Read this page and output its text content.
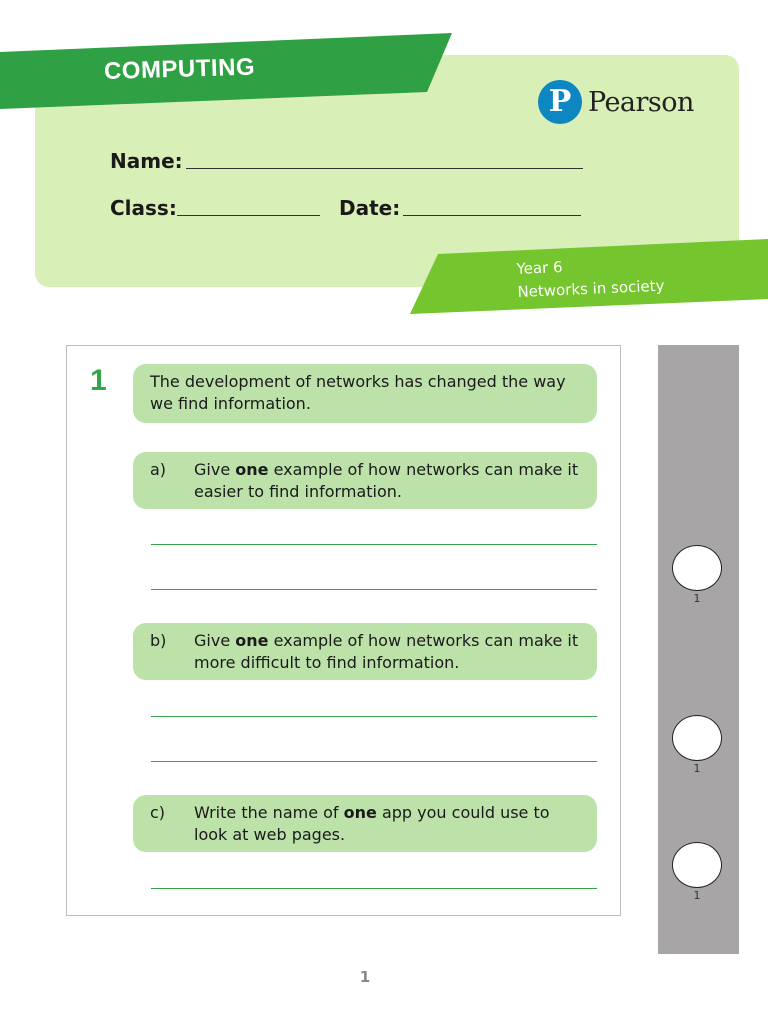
COMPUTING
P Pearson
Name:
Class:	Date:
Year 6
Networks in society
1	The development of networks has changed the way we find information.
a) Give one example of how networks can make it easier to find information.
b) Give one example of how networks can make it more difficult to find information.
c) Write the name of one app you could use to look at web pages.
1
1
1
1
